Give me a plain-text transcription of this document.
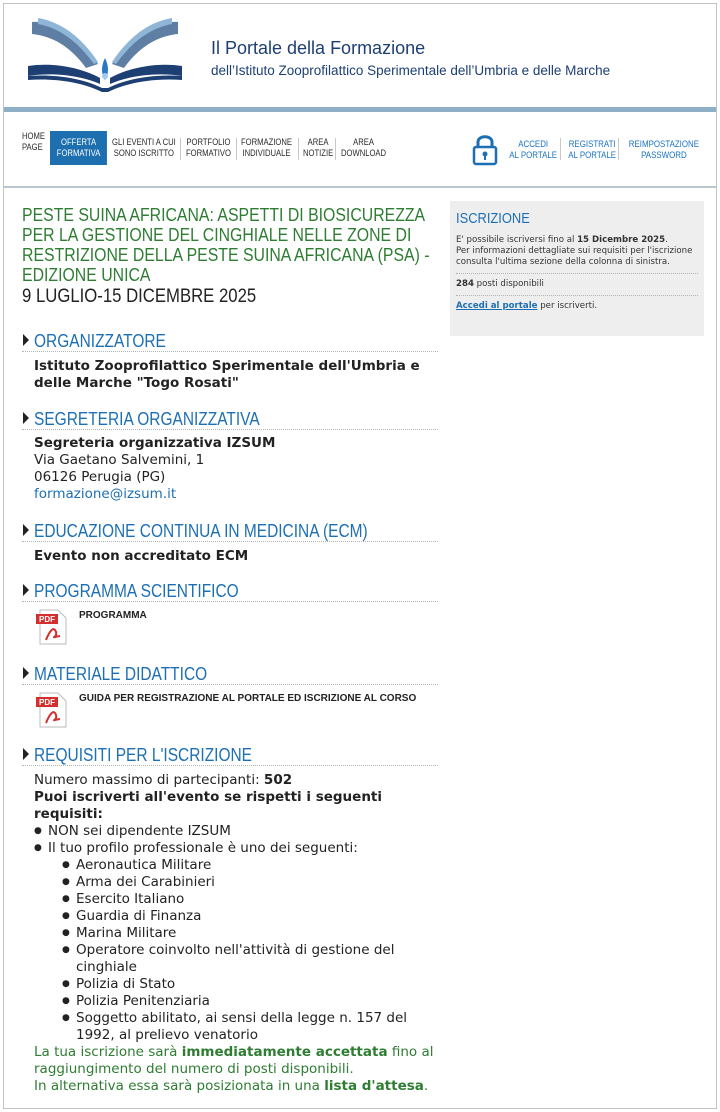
Il Portale della Formazione
dell’Istituto Zooprofilattico Sperimentale dell’Umbria e delle Marche
HOME
PAGE	OFFERTA
FORMATIVA
GLI EVENTI A CUI
SONO ISCRITTO
PORTFOLIO
FORMATIVO
FORMAZIONE
INDIVIDUALE
AREA
NOTIZIE
AREA
DOWNLOAD
ACCEDI
AL PORTALE
REGISTRATI
AL PORTALE
REIMPOSTAZIONE
PASSWORD
PESTE SUINA AFRICANA: ASPETTI DI BIOSICUREZZA PER LA GESTIONE DEL CINGHIALE NELLE ZONE DI RESTRIZIONE DELLA PESTE SUINA AFRICANA (PSA) - EDIZIONE UNICA
9 LUGLIO-15 DICEMBRE 2025
ORGANIZZATORE
Istituto Zooprofilattico Sperimentale dell'Umbria e delle Marche "Togo Rosati"
SEGRETERIA ORGANIZZATIVA
Segreteria organizzativa IZSUM
Via Gaetano Salvemini, 1
06126 Perugia (PG)
formazione@izsum.it
EDUCAZIONE CONTINUA IN MEDICINA (ECM)
Evento non accreditato ECM
PROGRAMMA SCIENTIFICO
PDF PROGRAMMA
MATERIALE DIDATTICO
PDF GUIDA PER REGISTRAZIONE AL PORTALE ED ISCRIZIONE AL CORSO
REQUISITI PER L'ISCRIZIONE
Numero massimo di partecipanti: 502
Puoi iscriverti all'evento se rispetti i seguenti requisiti:
● NON sei dipendente IZSUM
● Il tuo profilo professionale è uno dei seguenti:
● Aeronautica Militare
● Arma dei Carabinieri
● Esercito Italiano
● Guardia di Finanza
● Marina Militare
● Operatore coinvolto nell'attività di gestione del cinghiale
● Polizia di Stato
● Polizia Penitenziaria
● Soggetto abilitato, ai sensi della legge n. 157 del 1992, al prelievo venatorio
La tua iscrizione sarà immediatamente accettata fino al raggiungimento del numero di posti disponibili.
In alternativa essa sarà posizionata in una lista d'attesa.
ISCRIZIONE
E' possibile iscriversi fino al 15 Dicembre 2025.
Per informazioni dettagliate sui requisiti per l'iscrizione consulta l'ultima sezione della colonna di sinistra.
284 posti disponibili
Accedi al portale per iscriverti.
